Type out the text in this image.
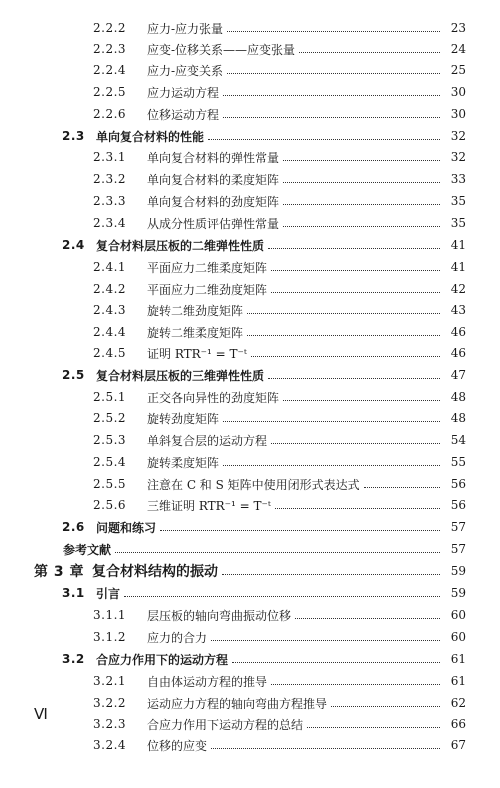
2.2.2	应力-应力张量	23
2.2.3	应变-位移关系——应变张量	24
2.2.4	应力-应变关系	25
2.2.5	应力运动方程	30
2.2.6	位移运动方程	30
2.3 单向复合材料的性能	32
2.3.1	单向复合材料的弹性常量	32
2.3.2	单向复合材料的柔度矩阵	33
2.3.3	单向复合材料的劲度矩阵	35
2.3.4	从成分性质评估弹性常量	35
2.4 复合材料层压板的二维弹性性质	41
2.4.1	平面应力二维柔度矩阵	41
2.4.2	平面应力二维劲度矩阵	42
2.4.3	旋转二维劲度矩阵	43
2.4.4	旋转二维柔度矩阵	46
2.4.5	证明 RTR⁻¹ = T⁻ᵗ	46
2.5 复合材料层压板的三维弹性性质	47
2.5.1	正交各向异性的劲度矩阵	48
2.5.2	旋转劲度矩阵	48
2.5.3	单斜复合层的运动方程	54
2.5.4	旋转柔度矩阵	55
2.5.5	注意在 C 和 S 矩阵中使用闭形式表达式	56
2.5.6	三维证明 RTR⁻¹ = T⁻ᵗ	56
2.6 问题和练习	57
参考文献	57
第 3 章 复合材料结构的振动	59
3.1 引言	59
3.1.1	层压板的轴向弯曲振动位移	60
3.1.2	应力的合力	60
3.2 合应力作用下的运动方程	61
3.2.1	自由体运动方程的推导	61
3.2.2	运动应力方程的轴向弯曲方程推导	62
3.2.3	合应力作用下运动方程的总结	66
3.2.4	位移的应变	67
Ⅵ
